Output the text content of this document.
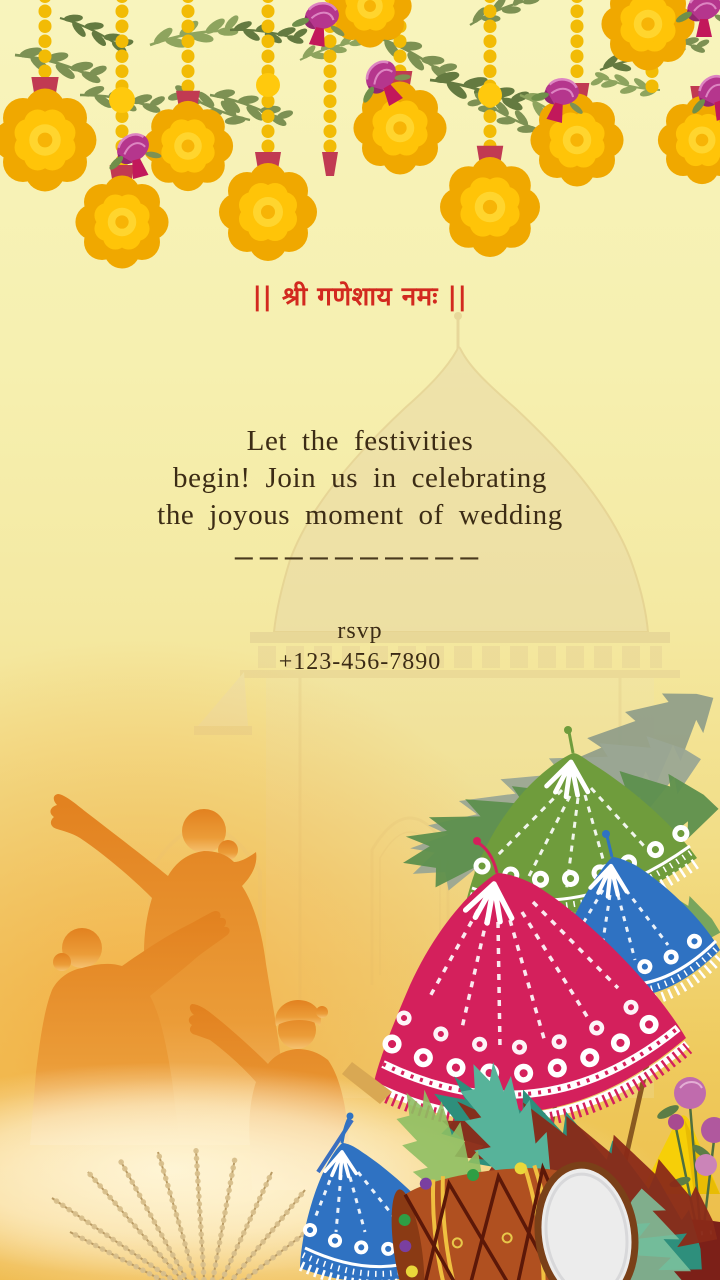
|| श्री गणेशाय नमः ||
Let the festivities
begin! Join us in celebrating
the joyous moment of wedding
––––––––––
rsvp
+123-456-7890
